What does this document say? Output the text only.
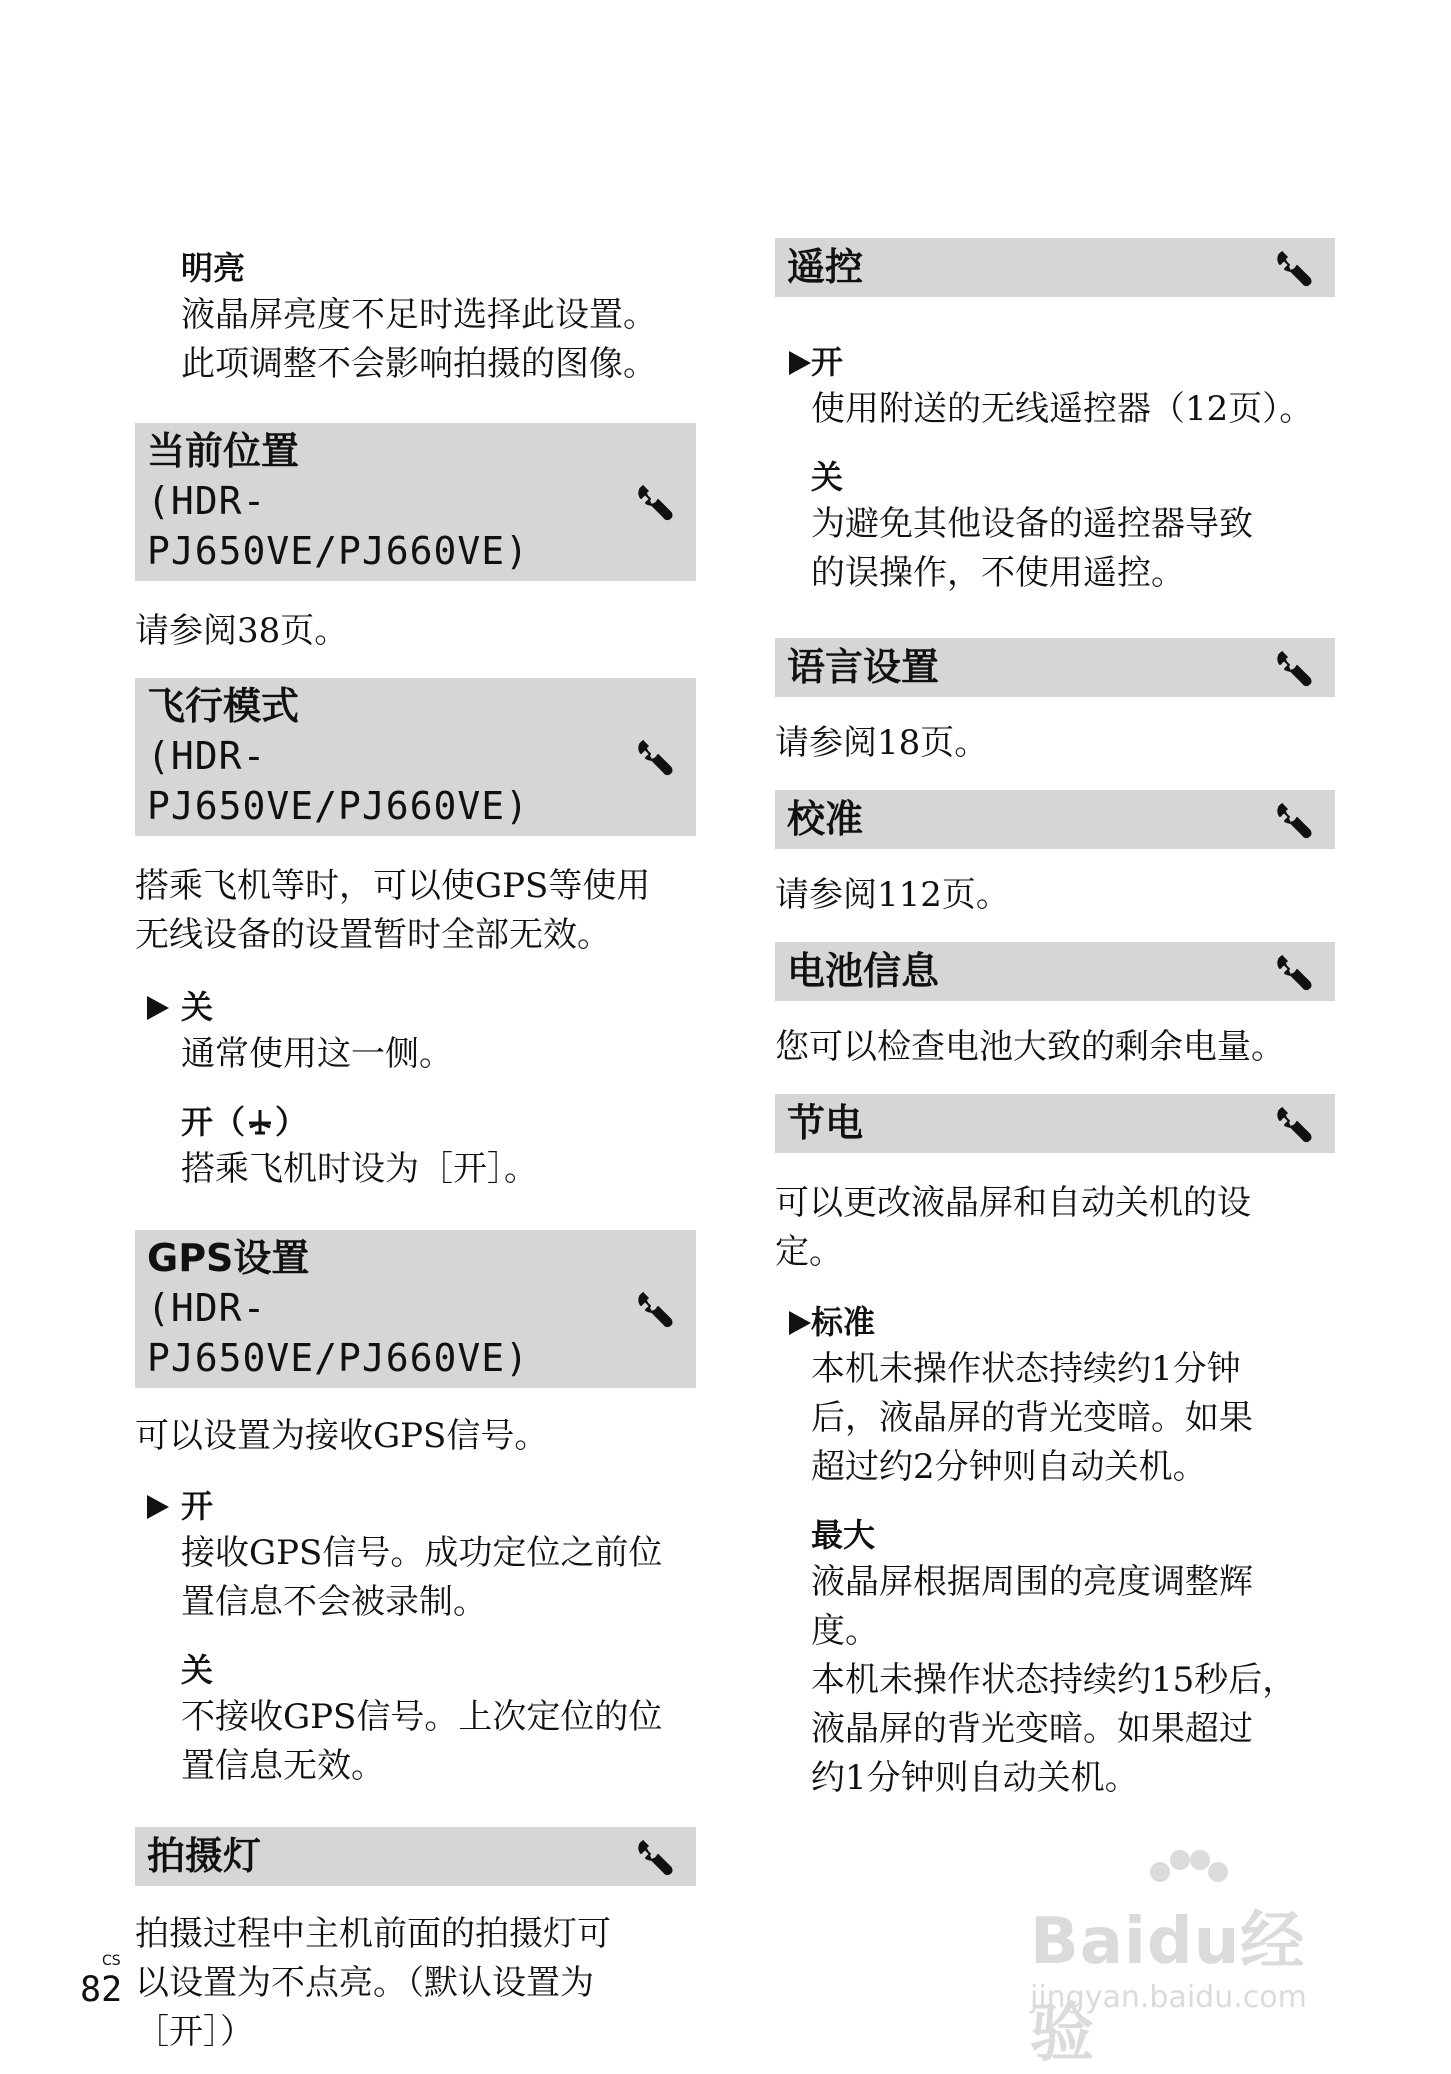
明亮

液晶屏亮度不足时选择此设置。

此项调整不会影响拍摄的图像。

当前位置
(HDR-PJ650VE/PJ660VE)

请参阅38页。

飞行模式
(HDR-PJ650VE/PJ660VE)

搭乘飞机等时，可以使GPS等使用

无线设备的设置暂时全部无效。

关

通常使用这一侧。

开（ ）

搭乘飞机时设为［开］。

GPS设置
(HDR-PJ650VE/PJ660VE)

可以设置为接收GPS信号。

开

接收GPS信号。成功定位之前位

置信息不会被录制。

关

不接收GPS信号。上次定位的位

置信息无效。

拍摄灯

拍摄过程中主机前面的拍摄灯可

以设置为不点亮。（默认设置为

［开］）

遥控

开

使用附送的无线遥控器（12页）。

关

为避免其他设备的遥控器导致

的误操作，不使用遥控。

语言设置

请参阅18页。

校准

请参阅112页。

电池信息

您可以检查电池大致的剩余电量。

节电

可以更改液晶屏和自动关机的设

定。

标准

本机未操作状态持续约1分钟

后，液晶屏的背光变暗。如果

超过约2分钟则自动关机。

最大

液晶屏根据周围的亮度调整辉

度。

本机未操作状态持续约15秒后，

液晶屏的背光变暗。如果超过

约1分钟则自动关机。

CS
82
Baidu经验
jingyan.baidu.com
